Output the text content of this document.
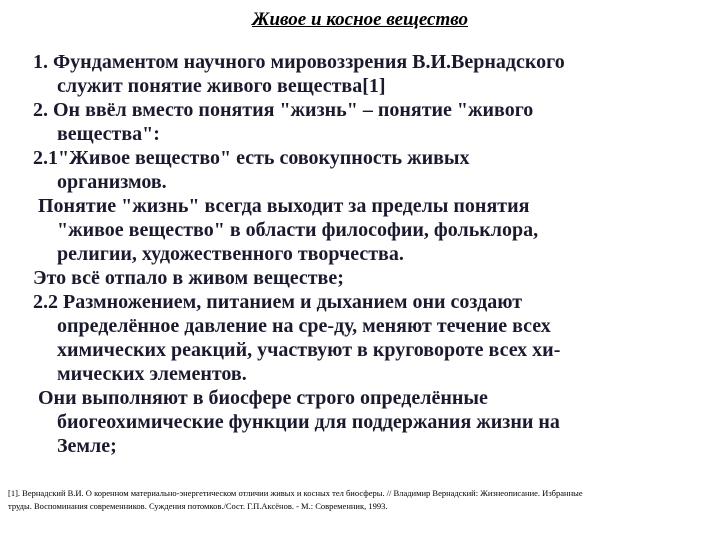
Живое и косное вещество

1. Фундаментом научного мировоззрения В.И.Вернадского
служит понятие живого вещества[1]

2. Он ввёл вместо понятия "жизнь" – понятие "живого
вещества":

2.1"Живое вещество" есть совокупность живых
организмов.

Понятие "жизнь" всегда выходит за пределы понятия
"живое вещество" в области философии, фольклора,
религии, художественного творчества.

Это всё отпало в живом веществе;

2.2 Размножением, питанием и дыханием они создают
определённое давление на сре-ду, меняют течение всех
химических реакций, участвуют в круговороте всех хи-
мических элементов.

Они выполняют в биосфере строго определённые
биогеохимические функции для поддержания жизни на
Земле;

[1]. Вернадский В.И. О коренном материально-энергетическом отличии живых и косных тел биосферы. // Владимир Вернадский: Жизнеописание. Избранные
труды. Воспоминания современников. Суждения потомков./Сост. Г.П.Аксёнов. - М.: Современник, 1993.
